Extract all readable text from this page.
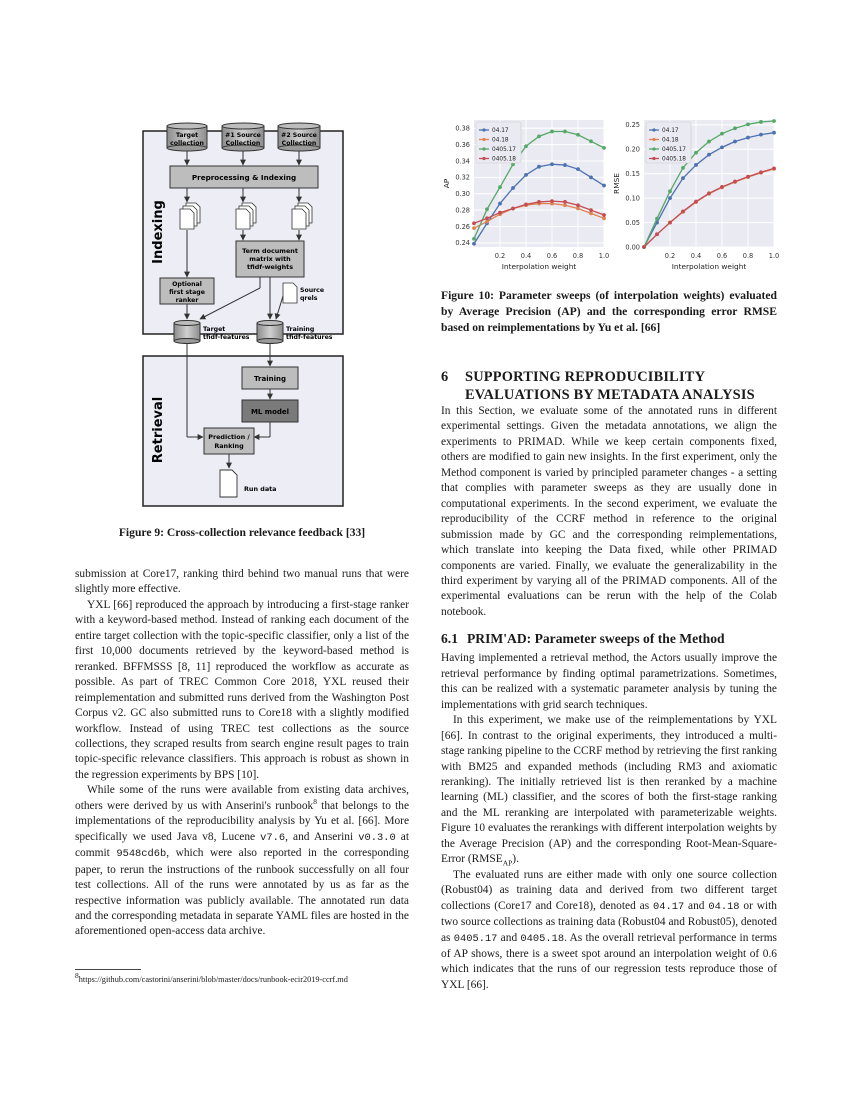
Indexing
Retrieval
Target
collection
#1 Source
Collection
#2 Source
Collection
Preprocessing & Indexing
Term document
matrix with
tfidf-weights
Optional
first stage
ranker
Source
qrels
Target
tfidf-features
Training
tfidf-features
Training
ML model
Prediction /
Ranking
Run data
Figure 9: Cross-collection relevance feedback [33]
0.2 0.4 0.6 0.8 1.0
0.24
0.26
0.28
0.30
0.32
0.34
0.36
0.38
Interpolation weight
AP
04.17
04.18
0405.17
0405.18
0.2 0.4 0.6 0.8 1.0
0.00
0.05
0.10
0.15
0.20
0.25
Interpolation weight
RMSE
04.17
04.18
0405.17
0405.18
Figure 10: Parameter sweeps (of interpolation weights) evaluated by Average Precision (AP) and the corresponding error RMSE based on reimplementations by Yu et al. [66]

submission at Core17, ranking third behind two manual runs that were slightly more effective.

YXL [66] reproduced the approach by introducing a first-stage ranker with a keyword-based method. Instead of ranking each document of the entire target collection with the topic-specific classifier, only a list of the first 10,000 documents retrieved by the keyword-based method is reranked. BFFMSSS [8, 11] reproduced the workflow as accurate as possible. As part of TREC Common Core 2018, YXL reused their reimplementation and submitted runs derived from the Washington Post Corpus v2. GC also submitted runs to Core18 with a slightly modified workflow. Instead of using TREC test collections as the source collections, they scraped results from search engine result pages to train topic-specific relevance classifiers. This approach is robust as shown in the regression experiments by BPS [10].

While some of the runs were available from existing data archives, others were derived by us with Anserini's runbook$^8$ that belongs to the implementations of the reproducibility analysis by Yu et al. [66]. More specifically we used Java v8, Lucene v7.6, and Anserini v0.3.0 at commit 9548cd6b, which were also reported in the corresponding paper, to rerun the instructions of the runbook successfully on all four test collections. All of the runs were annotated by us as far as the respective information was publicly available. The annotated run data and the corresponding metadata in separate YAML files are hosted in the aforementioned open-access data archive.

$^8$https://github.com/castorini/anserini/blob/master/docs/runbook-ecir2019-ccrf.md
6 SUPPORTING REPRODUCIBILITY
EVALUATIONS BY METADATA ANALYSIS

In this Section, we evaluate some of the annotated runs in different experimental settings. Given the metadata annotations, we align the experiments to PRIMAD. While we keep certain components fixed, others are modified to gain new insights. In the first experiment, only the Method component is varied by principled parameter changes - a setting that complies with parameter sweeps as they are usually done in computational experiments. In the second experiment, we evaluate the reproducibility of the CCRF method in reference to the original submission made by GC and the corresponding reimplementations, which translate into keeping the Data fixed, while other PRIMAD components are varied. Finally, we evaluate the generalizability in the third experiment by varying all of the PRIMAD components. All of the experimental evaluations can be rerun with the help of the Colab notebook.

6.1 PRIM'AD: Parameter sweeps of the Method

Having implemented a retrieval method, the Actors usually improve the retrieval performance by finding optimal parametrizations. Sometimes, this can be realized with a systematic parameter analysis by tuning the implementations with grid search techniques.

In this experiment, we make use of the reimplementations by YXL [66]. In contrast to the original experiments, they introduced a multi-stage ranking pipeline to the CCRF method by retrieving the first ranking with BM25 and expanded methods (including RM3 and axiomatic reranking). The initially retrieved list is then reranked by a machine learning (ML) classifier, and the scores of both the first-stage ranking and the ML reranking are interpolated with parameterizable weights. Figure 10 evaluates the rerankings with different interpolation weights by the Average Precision (AP) and the corresponding Root-Mean-Square-Error $(RMSE_{AP})$.

The evaluated runs are either made with only one source collection (Robust04) as training data and derived from two different target collections (Core17 and Core18), denoted as 04.17 and 04.18 or with two source collections as training data (Robust04 and Robust05), denoted as 0405.17 and 0405.18. As the overall retrieval performance in terms of AP shows, there is a sweet spot around an interpolation weight of 0.6 which indicates that the runs of our regression tests reproduce those of YXL [66].
